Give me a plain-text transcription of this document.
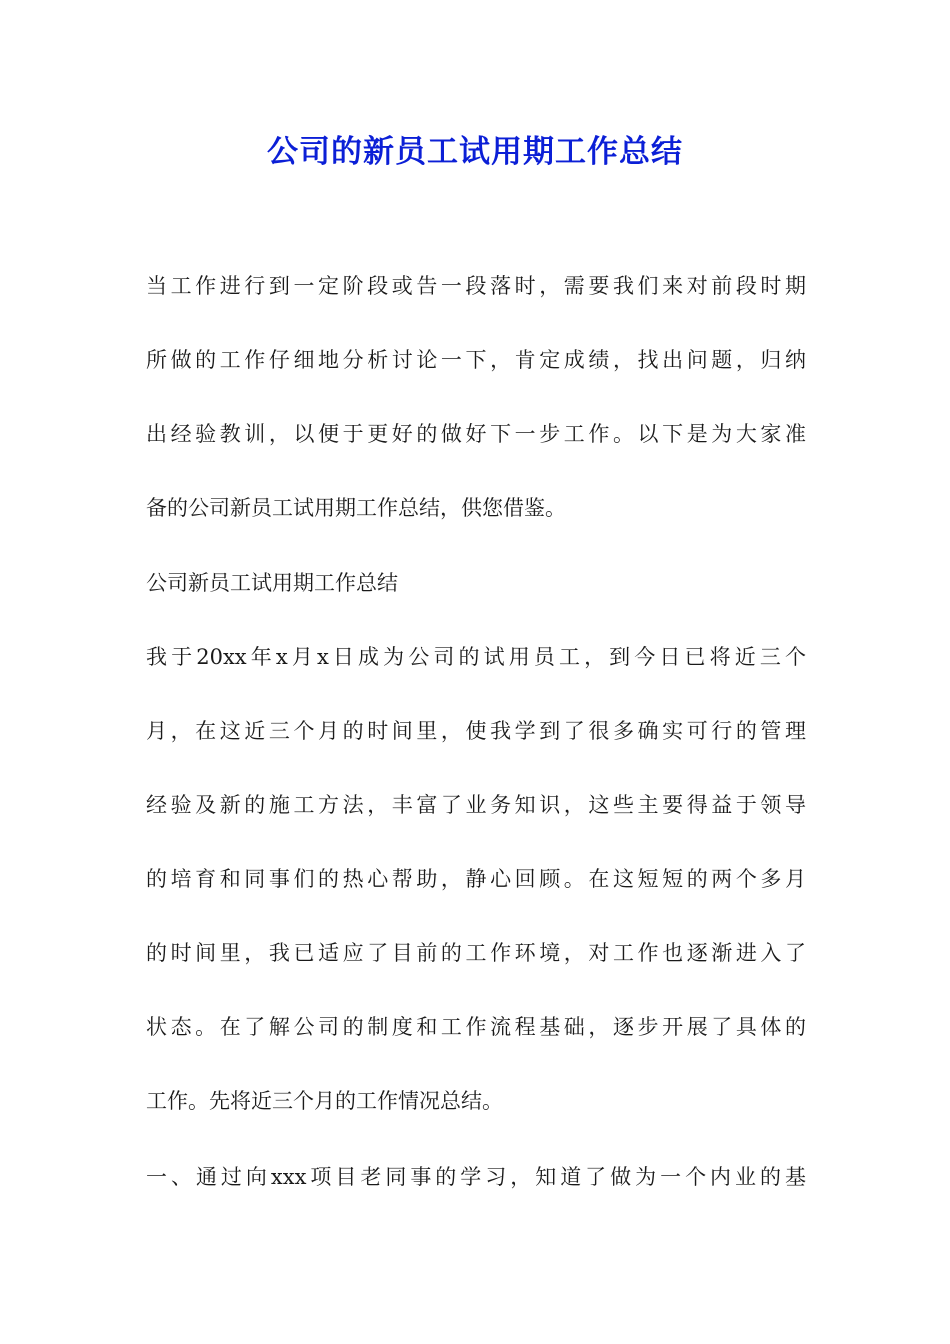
公司的新员工试用期工作总结

当工作进行到一定阶段或告一段落时，需要我们来对前段时期
所做的工作仔细地分析讨论一下，肯定成绩，找出问题，归纳
出经验教训，以便于更好的做好下一步工作。以下是为大家准
备的公司新员工试用期工作总结，供您借鉴。

公司新员工试用期工作总结

我于20xx年x月x日成为公司的试用员工，到今日已将近三个
月，在这近三个月的时间里，使我学到了很多确实可行的管理
经验及新的施工方法，丰富了业务知识，这些主要得益于领导
的培育和同事们的热心帮助，静心回顾。在这短短的两个多月
的时间里，我已适应了目前的工作环境，对工作也逐渐进入了
状态。在了解公司的制度和工作流程基础，逐步开展了具体的
工作。先将近三个月的工作情况总结。

一、通过向xxx项目老同事的学习，知道了做为一个内业的基
